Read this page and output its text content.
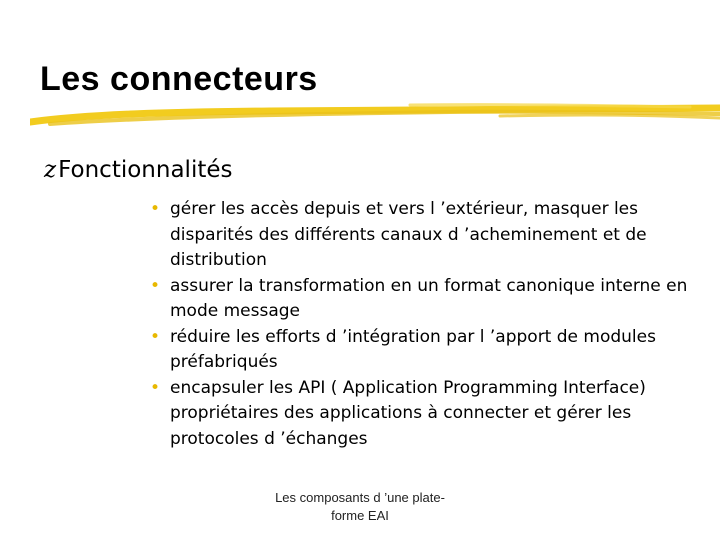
Les connecteurs
z Fonctionnalités
• gérer les accès depuis et vers l ’extérieur, masquer les disparités des différents canaux d ’acheminement et de distribution
• assurer la transformation en un format canonique interne en mode message
• réduire les efforts d ’intégration par l ’apport de modules préfabriqués
• encapsuler les API ( Application Programming Interface) propriétaires des applications à connecter et gérer les protocoles d ’échanges
Les composants d ’une plate-
forme EAI
